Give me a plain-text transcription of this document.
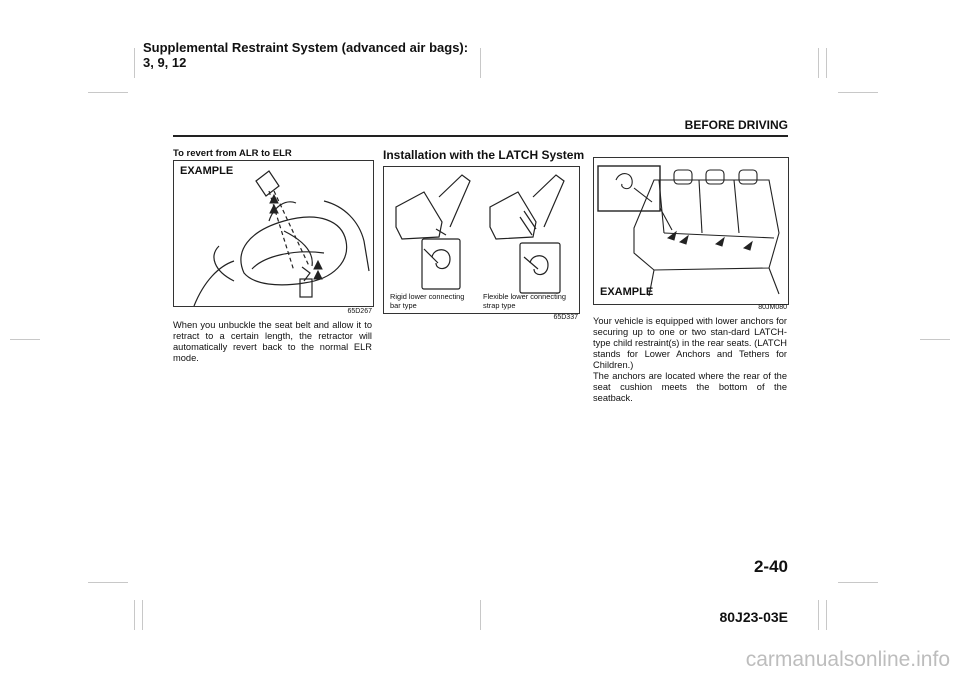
Supplemental Restraint System (advanced air bags):
3, 9, 12
BEFORE DRIVING
To revert from ALR to ELR
EXAMPLE
65D267
When you unbuckle the seat belt and allow it to retract to a certain length, the retractor will automatically revert back to the normal ELR mode.
Installation with the LATCH System
Rigid lower connecting
bar type
Flexible lower connecting
strap type
65D337
EXAMPLE
80JM080
Your vehicle is equipped with lower anchors for securing up to one or two stan-dard LATCH-type child restraint(s) in the rear seats. (LATCH stands for Lower Anchors and Tethers for Children.)
The anchors are located where the rear of the seat cushion meets the bottom of the seatback.
2-40
80J23-03E
carmanualsonline.info
